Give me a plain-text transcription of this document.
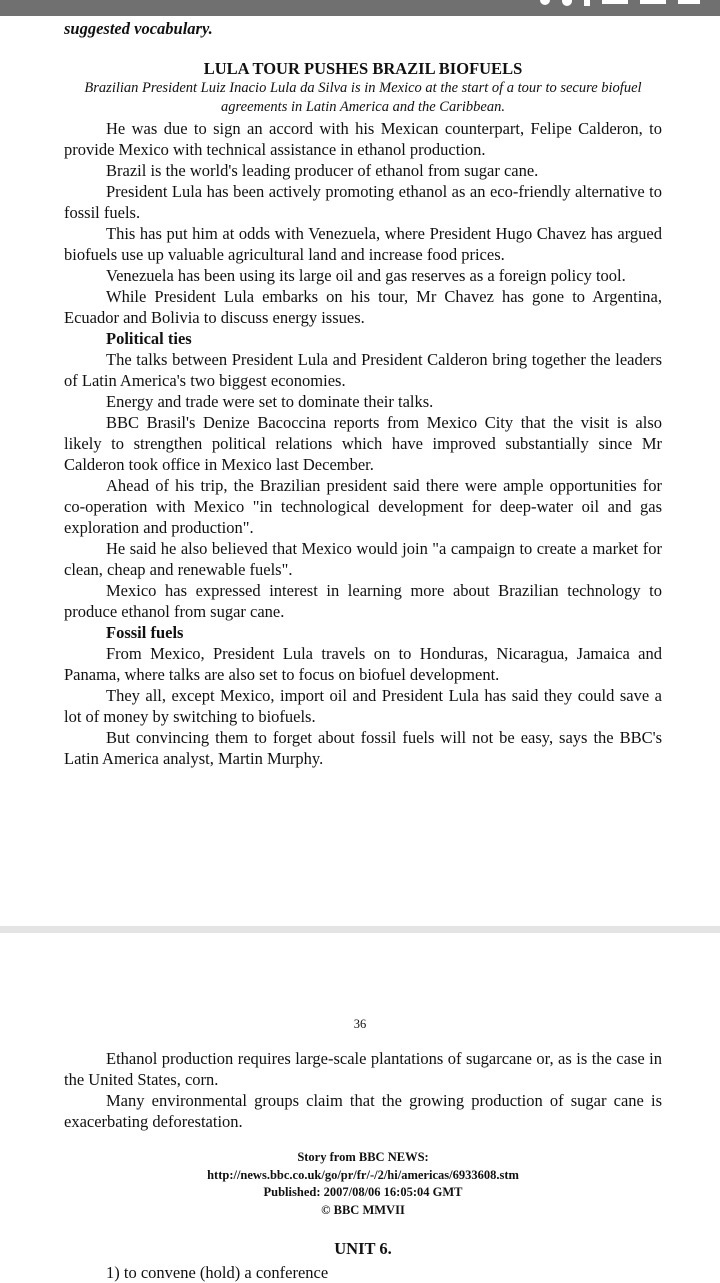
suggested vocabulary.

LULA TOUR PUSHES BRAZIL BIOFUELS

Brazilian President Luiz Inacio Lula da Silva is in Mexico at the start of a tour to secure biofuel agreements in Latin America and the Caribbean.

He was due to sign an accord with his Mexican counterpart, Felipe Calderon, to provide Mexico with technical assistance in ethanol production.

Brazil is the world's leading producer of ethanol from sugar cane.

President Lula has been actively promoting ethanol as an eco-friendly alternative to fossil fuels.

This has put him at odds with Venezuela, where President Hugo Chavez has argued biofuels use up valuable agricultural land and increase food prices.

Venezuela has been using its large oil and gas reserves as a foreign policy tool.

While President Lula embarks on his tour, Mr Chavez has gone to Argentina, Ecuador and Bolivia to discuss energy issues.

Political ties

The talks between President Lula and President Calderon bring together the leaders of Latin America's two biggest economies.

Energy and trade were set to dominate their talks.

BBC Brasil's Denize Bacoccina reports from Mexico City that the visit is also likely to strengthen political relations which have improved substantially since Mr Calderon took office in Mexico last December.

Ahead of his trip, the Brazilian president said there were ample opportunities for co-operation with Mexico "in technological development for deep-water oil and gas exploration and production".

He said he also believed that Mexico would join "a campaign to create a market for clean, cheap and renewable fuels".

Mexico has expressed interest in learning more about Brazilian technology to produce ethanol from sugar cane.

Fossil fuels

From Mexico, President Lula travels on to Honduras, Nicaragua, Jamaica and Panama, where talks are also set to focus on biofuel development.

They all, except Mexico, import oil and President Lula has said they could save a lot of money by switching to biofuels.

But convincing them to forget about fossil fuels will not be easy, says the BBC's Latin America analyst, Martin Murphy.

36

Ethanol production requires large-scale plantations of sugarcane or, as is the case in the United States, corn.

Many environmental groups claim that the growing production of sugar cane is exacerbating deforestation.

Story from BBC NEWS:
http://news.bbc.co.uk/go/pr/fr/-/2/hi/americas/6933608.stm
Published: 2007/08/06 16:05:04 GMT
© BBC MMVII

UNIT 6.

1) to convene (hold) a conference
